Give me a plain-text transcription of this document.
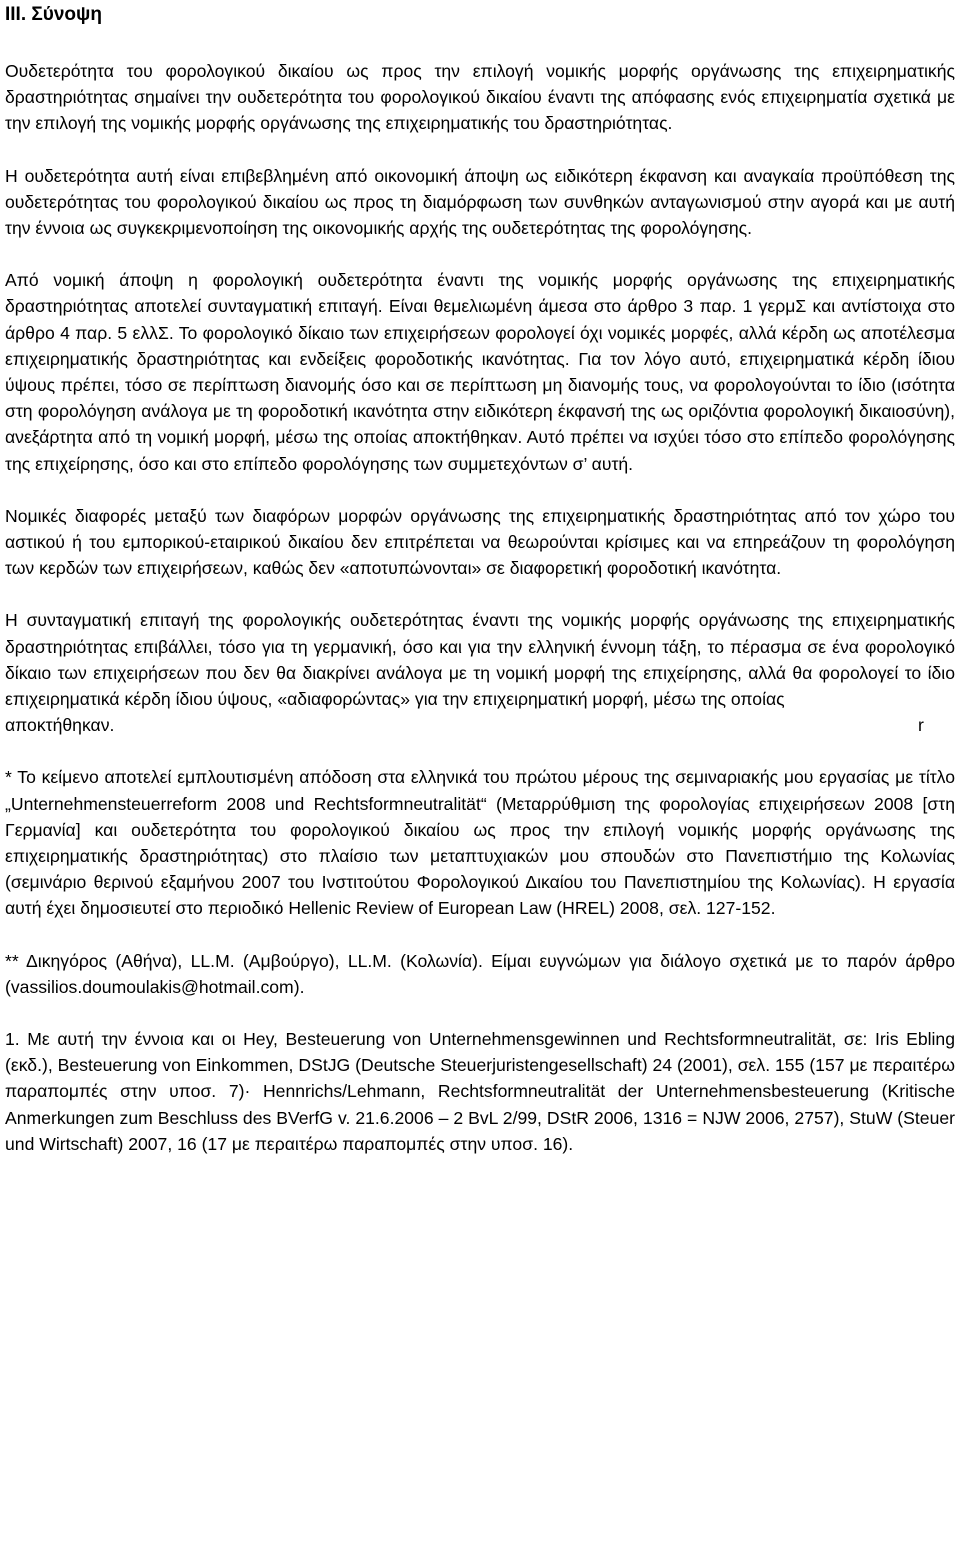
III. Σύνοψη

Ουδετερότητα του φορολογικού δικαίου ως προς την επιλογή νομικής μορφής οργάνωσης της επιχειρηματικής δραστηριότητας σημαίνει την ουδετερότητα του φορολογικού δικαίου έναντι της απόφασης ενός επιχειρηματία σχετικά με την επιλογή της νομικής μορφής οργάνωσης της επιχειρηματικής του δραστηριότητας.

Η ουδετερότητα αυτή είναι επιβεβλημένη από οικονομική άποψη ως ειδικότερη έκφανση και αναγκαία προϋπόθεση της ουδετερότητας του φορολογικού δικαίου ως προς τη διαμόρφωση των συνθηκών ανταγωνισμού στην αγορά και με αυτή την έννοια ως συγκεκριμενοποίηση της οικονομικής αρχής της ουδετερότητας της φορολόγησης.

Από νομική άποψη η φορολογική ουδετερότητα έναντι της νομικής μορφής οργάνωσης της επιχειρηματικής δραστηριότητας αποτελεί συνταγματική επιταγή. Είναι θεμελιωμένη άμεσα στο άρθρο 3 παρ. 1 γερμΣ και αντίστοιχα στο άρθρο 4 παρ. 5 ελλΣ. Το φορολογικό δίκαιο των επιχειρήσεων φορολογεί όχι νομικές μορφές, αλλά κέρδη ως αποτέλεσμα επιχειρηματικής δραστηριότητας και ενδείξεις φοροδοτικής ικανότητας. Για τον λόγο αυτό, επιχειρηματικά κέρδη ίδιου ύψους πρέπει, τόσο σε περίπτωση διανομής όσο και σε περίπτωση μη διανομής τους, να φορολογούνται το ίδιο (ισότητα στη φορολόγηση ανάλογα με τη φοροδοτική ικανότητα στην ειδικότερη έκφανσή της ως οριζόντια φορολογική δικαιοσύνη), ανεξάρτητα από τη νομική μορφή, μέσω της οποίας αποκτήθηκαν. Αυτό πρέπει να ισχύει τόσο στο επίπεδο φορολόγησης της επιχείρησης, όσο και στο επίπεδο φορολόγησης των συμμετεχόντων σ’ αυτή.

Νομικές διαφορές μεταξύ των διαφόρων μορφών οργάνωσης της επιχειρηματικής δραστηριότητας από τον χώρο του αστικού ή του εμπορικού-εταιρικού δικαίου δεν επιτρέπεται να θεωρούνται κρίσιμες και να επηρεάζουν τη φορολόγηση των κερδών των επιχειρήσεων, καθώς δεν «αποτυπώνονται» σε διαφορετική φοροδοτική ικανότητα.

Η συνταγματική επιταγή της φορολογικής ουδετερότητας έναντι της νομικής μορφής οργάνωσης της επιχειρηματικής δραστηριότητας επιβάλλει, τόσο για τη γερμανική, όσο και για την ελληνική έννομη τάξη, το πέρασμα σε ένα φορολογικό δίκαιο των επιχειρήσεων που δεν θα διακρίνει ανάλογα με τη νομική μορφή της επιχείρησης, αλλά θα φορολογεί το ίδιο επιχειρηματικά κέρδη ίδιου ύψους, «αδιαφορώντας» για την επιχειρηματική μορφή, μέσω της οποίας

αποκτήθηκαν.	r

* Το κείμενο αποτελεί εμπλουτισμένη απόδοση στα ελληνικά του πρώτου μέρους της σεμιναριακής μου εργασίας με τίτλο „Unternehmensteuerreform 2008 und Rechtsformneutralität“ (Μεταρρύθμιση της φορολογίας επιχειρήσεων 2008 [στη Γερμανία] και ουδετερότητα του φορολογικού δικαίου ως προς την επιλογή νομικής μορφής οργάνωσης της επιχειρηματικής δραστηριότητας) στο πλαίσιο των μεταπτυχιακών μου σπουδών στο Πανεπιστήμιο της Κολωνίας (σεμινάριο θερινού εξαμήνου 2007 του Ινστιτούτου Φορολογικού Δικαίου του Πανεπιστημίου της Κολωνίας). Η εργασία αυτή έχει δημοσιευτεί στο περιοδικό Hellenic Review of European Law (HREL) 2008, σελ. 127-152.

** Δικηγόρος (Αθήνα), LL.M. (Αμβούργο), LL.M. (Κολωνία). Είμαι ευγνώμων για διάλογο σχετικά με το παρόν άρθρο (vassilios.doumoulakis@hotmail.com).

1. Με αυτή την έννοια και οι Hey, Besteuerung von Unternehmensgewinnen und Rechtsformneutralität, σε: Iris Ebling (εκδ.), Besteuerung von Einkommen, DStJG (Deutsche Steuerjuristengesellschaft) 24 (2001), σελ. 155 (157 με περαιτέρω παραπομπές στην υποσ. 7)· Hennrichs/Lehmann, Rechtsformneutralität der Unternehmensbesteuerung (Kritische Anmerkungen zum Beschluss des BVerfG v. 21.6.2006 – 2 BvL 2/99, DStR 2006, 1316 = NJW 2006, 2757), StuW (Steuer und Wirtschaft) 2007, 16 (17 με περαιτέρω παραπομπές στην υποσ. 16).
